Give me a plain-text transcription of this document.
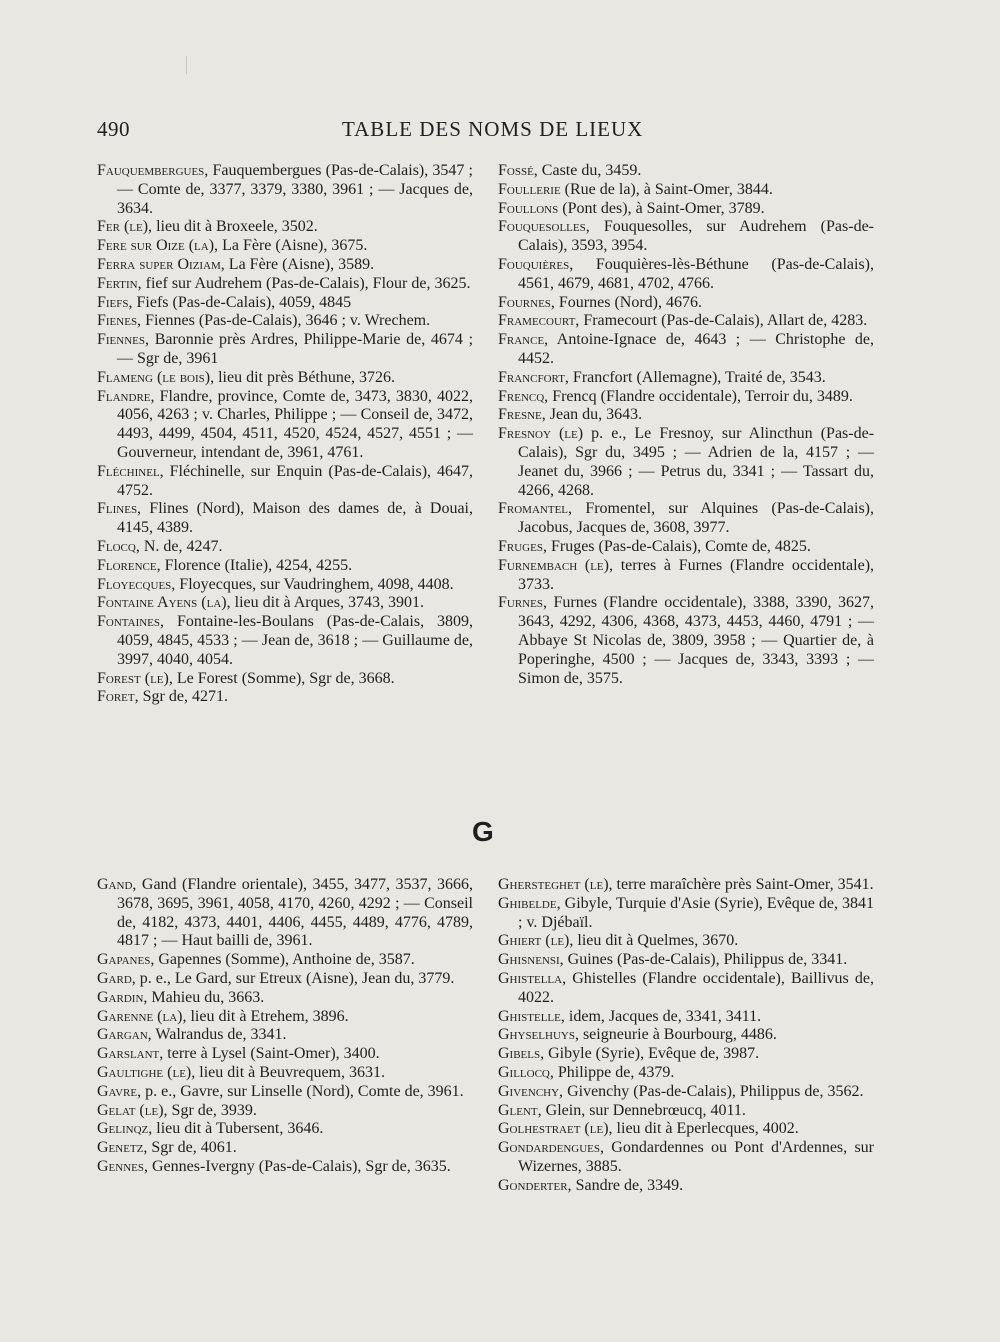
490	TABLE DES NOMS DE LIEUX

Fauquembergues, Fauquembergues (Pas-de-Calais), 3547 ; — Comte de, 3377, 3379, 3380, 3961 ; — Jacques de, 3634.

Fer (le), lieu dit à Broxeele, 3502.

Fere sur Oize (la), La Fère (Aisne), 3675.

Ferra super Oiziam, La Fère (Aisne), 3589.

Fertin, fief sur Audrehem (Pas-de-Calais), Flour de, 3625.

Fiefs, Fiefs (Pas-de-Calais), 4059, 4845

Fienes, Fiennes (Pas-de-Calais), 3646 ; v. Wrechem.

Fiennes, Baronnie près Ardres, Philippe-Marie de, 4674 ; — Sgr de, 3961

Flameng (le bois), lieu dit près Béthune, 3726.

Flandre, Flandre, province, Comte de, 3473, 3830, 4022, 4056, 4263 ; v. Charles, Philippe ; — Conseil de, 3472, 4493, 4499, 4504, 4511, 4520, 4524, 4527, 4551 ; — Gouverneur, intendant de, 3961, 4761.

Fléchinel, Fléchinelle, sur Enquin (Pas-de-Calais), 4647, 4752.

Flines, Flines (Nord), Maison des dames de, à Douai, 4145, 4389.

Flocq, N. de, 4247.

Florence, Florence (Italie), 4254, 4255.

Floyecques, Floyecques, sur Vaudringhem, 4098, 4408.

Fontaine Ayens (la), lieu dit à Arques, 3743, 3901.

Fontaines, Fontaine-les-Boulans (Pas-de-Calais, 3809, 4059, 4845, 4533 ; — Jean de, 3618 ; — Guillaume de, 3997, 4040, 4054.

Forest (le), Le Forest (Somme), Sgr de, 3668.

Foret, Sgr de, 4271.

Fossé, Caste du, 3459.

Foullerie (Rue de la), à Saint-Omer, 3844.

Foullons (Pont des), à Saint-Omer, 3789.

Fouquesolles, Fouquesolles, sur Audrehem (Pas-de-Calais), 3593, 3954.

Fouquières, Fouquières-lès-Béthune (Pas-de-Calais), 4561, 4679, 4681, 4702, 4766.

Fournes, Fournes (Nord), 4676.

Framecourt, Framecourt (Pas-de-Calais), Allart de, 4283.

France, Antoine-Ignace de, 4643 ; — Christophe de, 4452.

Francfort, Francfort (Allemagne), Traité de, 3543.

Frencq, Frencq (Flandre occidentale), Terroir du, 3489.

Fresne, Jean du, 3643.

Fresnoy (le) p. e., Le Fresnoy, sur Alincthun (Pas-de-Calais), Sgr du, 3495 ; — Adrien de la, 4157 ; — Jeanet du, 3966 ; — Petrus du, 3341 ; — Tassart du, 4266, 4268.

Fromantel, Fromentel, sur Alquines (Pas-de-Calais), Jacobus, Jacques de, 3608, 3977.

Fruges, Fruges (Pas-de-Calais), Comte de, 4825.

Furnembach (le), terres à Furnes (Flandre occidentale), 3733.

Furnes, Furnes (Flandre occidentale), 3388, 3390, 3627, 3643, 4292, 4306, 4368, 4373, 4453, 4460, 4791 ; — Abbaye St Nicolas de, 3809, 3958 ; — Quartier de, à Poperinghe, 4500 ; — Jacques de, 3343, 3393 ; — Simon de, 3575.

G

Gand, Gand (Flandre orientale), 3455, 3477, 3537, 3666, 3678, 3695, 3961, 4058, 4170, 4260, 4292 ; — Conseil de, 4182, 4373, 4401, 4406, 4455, 4489, 4776, 4789, 4817 ; — Haut bailli de, 3961.

Gapanes, Gapennes (Somme), Anthoine de, 3587.

Gard, p. e., Le Gard, sur Etreux (Aisne), Jean du, 3779.

Gardin, Mahieu du, 3663.

Garenne (la), lieu dit à Etrehem, 3896.

Gargan, Walrandus de, 3341.

Garslant, terre à Lysel (Saint-Omer), 3400.

Gaultighe (le), lieu dit à Beuvrequem, 3631.

Gavre, p. e., Gavre, sur Linselle (Nord), Comte de, 3961.

Gelat (le), Sgr de, 3939.

Gelinqz, lieu dit à Tubersent, 3646.

Genetz, Sgr de, 4061.

Gennes, Gennes-Ivergny (Pas-de-Calais), Sgr de, 3635.

Ghersteghet (le), terre maraîchère près Saint-Omer, 3541.

Ghibelde, Gibyle, Turquie d'Asie (Syrie), Evêque de, 3841 ; v. Djébaïl.

Ghiert (le), lieu dit à Quelmes, 3670.

Ghisnensi, Guines (Pas-de-Calais), Philippus de, 3341.

Ghistella, Ghistelles (Flandre occidentale), Baillivus de, 4022.

Ghistelle, idem, Jacques de, 3341, 3411.

Ghyselhuys, seigneurie à Bourbourg, 4486.

Gibels, Gibyle (Syrie), Evêque de, 3987.

Gillocq, Philippe de, 4379.

Givenchy, Givenchy (Pas-de-Calais), Philippus de, 3562.

Glent, Glein, sur Dennebrœucq, 4011.

Golhestraet (le), lieu dit à Eperlecques, 4002.

Gondardengues, Gondardennes ou Pont d'Ardennes, sur Wizernes, 3885.

Gonderter, Sandre de, 3349.
